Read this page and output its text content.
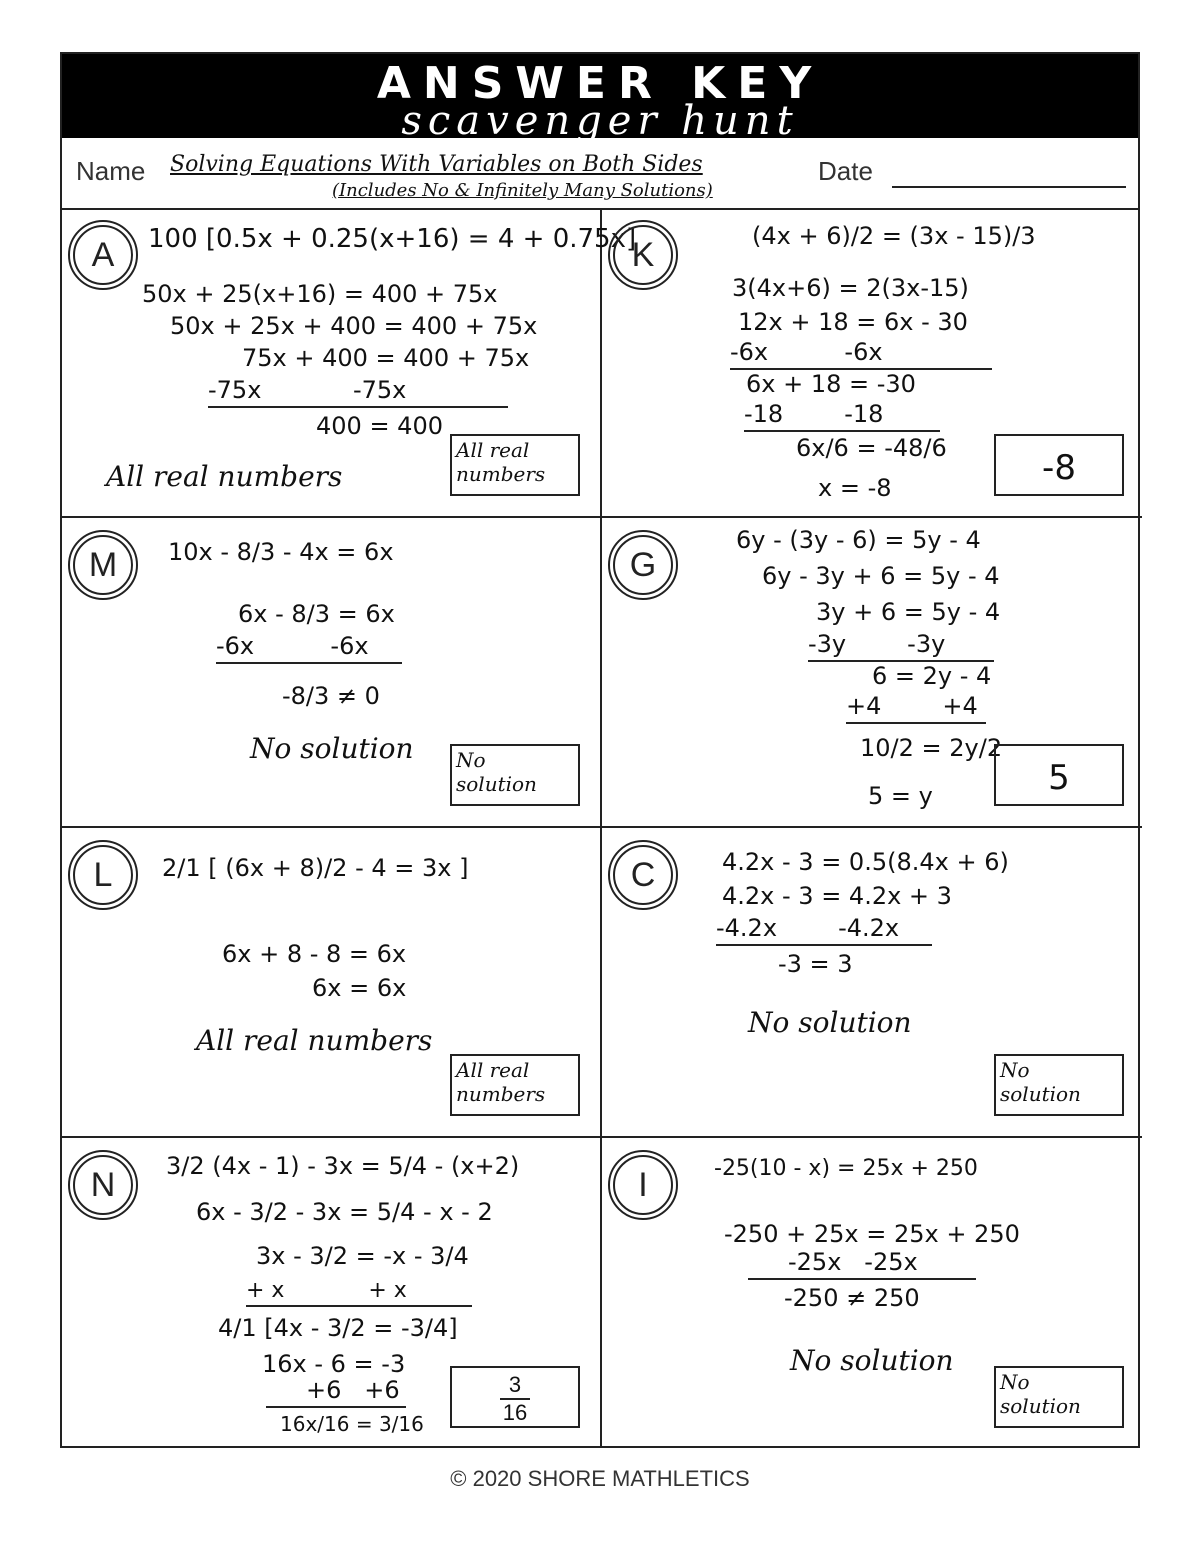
ANSWER KEY
scavenger hunt
Name Solving Equations With Variables on Both Sides
(Includes No & Infinitely Many Solutions)
Date
A	100 [0.5x + 0.25(x+16) = 4 + 0.75x]
50x + 25(x+16) = 400 + 75x
50x + 25x + 400 = 400 + 75x
75x + 400 = 400 + 75x
-75x            -75x
400 = 400
All real numbers
All real numbers
K	(4x + 6)/2 = (3x - 15)/3
3(4x+6) = 2(3x-15)
12x + 18 = 6x - 30
-6x          -6x
6x + 18 = -30
-18        -18
6x/6 = -48/6
x = -8	-8
M	10x - 8/3 - 4x = 6x
6x - 8/3 = 6x
-6x          -6x
-8/3 ≠ 0
No solution No solution
G
6y - (3y - 6) = 5y - 4
6y - 3y + 6 = 5y - 4
3y + 6 = 5y - 4
-3y        -3y
6 = 2y - 4
+4        +4
10/2 = 2y/2
5 = y	5
L	2/1 [ (6x + 8)/2 - 4 = 3x ]
6x + 8 - 8 = 6x
6x = 6x
All real numbers
All real numbers
C	4.2x - 3 = 0.5(8.4x + 6)
4.2x - 3 = 4.2x + 3
-4.2x        -4.2x
-3 = 3
No solution
No solution
N	3/2 (4x - 1) - 3x = 5/4 - (x+2)
6x - 3/2 - 3x = 5/4 - x - 2
3x - 3/2 = -x - 3/4
+ x            + x
4/1 [4x - 3/2 = -3/4]
16x - 6 = -3
+6   +6
$16x/16 = 3/16 \frac{3}{16}$
I	-25(10 - x) = 25x + 250
-250 + 25x = 25x + 250
-25x   -25x
-250 ≠ 250
No solution
No solution
© 2020 SHORE MATHLETICS
